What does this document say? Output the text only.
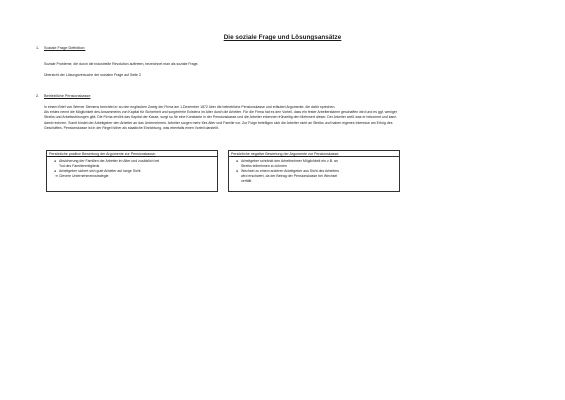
Die soziale Frage und Lösungsansätze
1. Soziale Frage Definition:
Soziale Probleme, die durch die industrielle Revolution auftreten, bezeichnet man als soziale Frage.
Übersicht der Lösungsversuche der sozialen Frage auf Seite 2
2. Betriebliche Pensionskasse
In einem Brief von Werner Siemens berichtet er an den englischen Zweig der Firma am 1.Dezember 1872 über die betriebliche Pensionskasse und erläutert Argumente, die dafür sprechen.
Als erstes nennt die Möglichkeit des Ansammelns von Kapital für Sicherheit und sorgenfreie Existenz im Alter durch die Arbeiter. Für die Firma hat es den Vorteil, dass ein fester Arbeiterstamm geschaffen wird und es ggf. weniger
Streiks und Arbeitsstörungen gibt. Die Firma erhöht das Kapital der Kasse, sorgt so für eine Konstante in der Pensionskasse und die Arbeiter erkennen frühzeitig den Mehrwert dieser. Der Arbeiter weiß was er bekommt und kann
damit rechnen. Somit bindet der Arbeitgeber den Arbeiter an das Unternehmen. Arbeiter sorgen mehr fürs Alter und Familie vor. Zur Folge beteiligen sich die Arbeiter nicht an Streiks und haben eigenes Interesse am Erfolg des
Geschäftes. Pensionskasse ist in der Regel höher als staatliche Einrichtung, was ebenfalls einen Vorteil darstellt.
Persönliche positive Bewertung der Argumente zur Pensionskasse:
● Absicherung der Familien der Arbeiter im Alter und zusätzlich bei
Tod des Familienmitglieds
● Arbeitgeber sichert sich gute Arbeiter auf lange Sicht
➔ Clevere Unternehmensstrategie
Persönliche negative Bewertung der Argumente zur Pensionskasse:
● Arbeitgeber schränkt den Arbeitnehmer Möglichkeit ein z.B. an
Streiks teilnehmen zu können
● Wechsel zu einem anderen Arbeitgeber aus Sicht des Arbeiters
wird erschwert, da der Betrag der Pensionskasse bei Wechsel
verfällt
